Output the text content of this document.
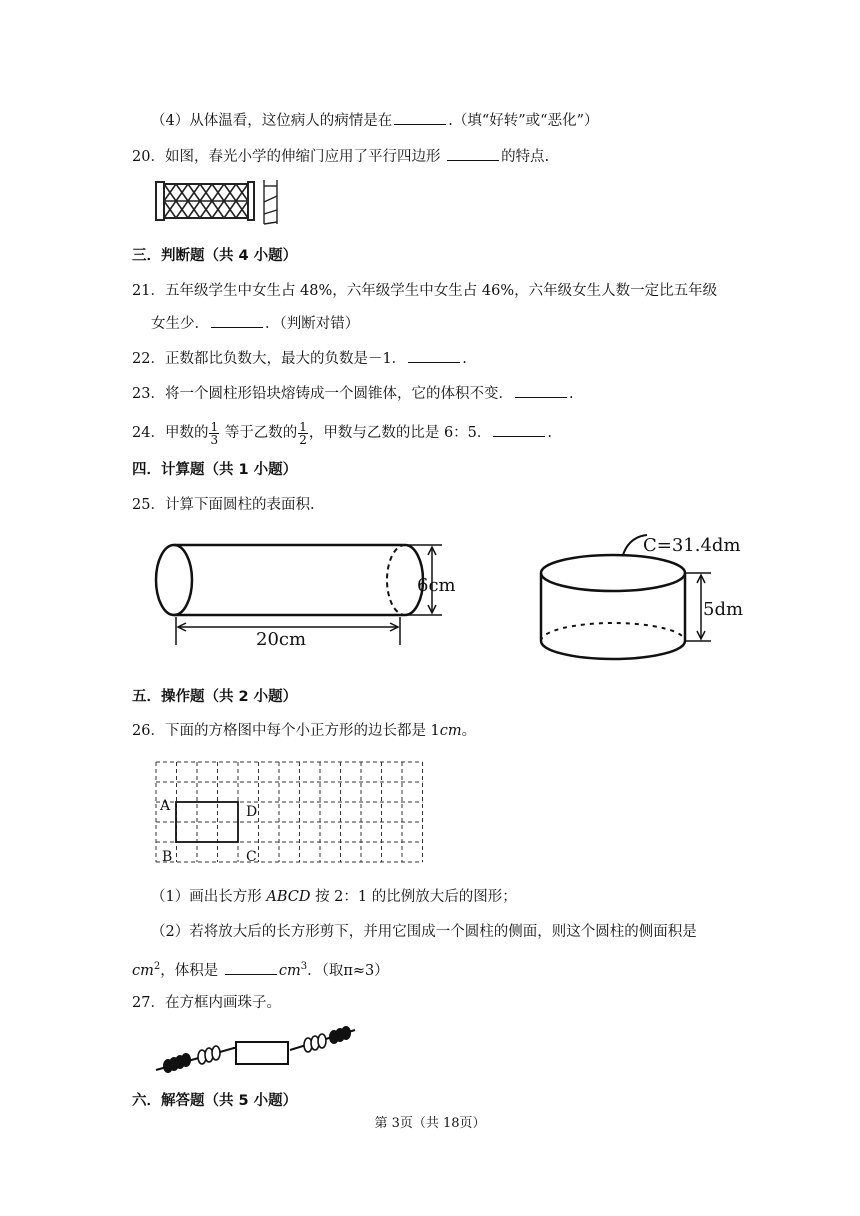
（4）从体温看，这位病人的病情是在	.（填“好转”或“恶化”）
20．如图，春光小学的伸缩门应用了平行四边形	的特点.
三．判断题（共 4 小题）
21．五年级学生中女生占 48%，六年级学生中女生占 46%，六年级女生人数一定比五年级
女生少．	．（判断对错）
22．正数都比负数大，最大的负数是－1．	.
23．将一个圆柱形铅块熔铸成一个圆锥体，它的体积不变．	.
24．甲数的 $\frac{1}{3}$ 等于乙数的 $\frac{1}{2}$ ，甲数与乙数的比是 6：5．	.
四．计算题（共 1 小题）
25．计算下面圆柱的表面积.
6cm
20cm
C=31.4dm
5dm
五．操作题（共 2 小题）
26．下面的方格图中每个小正方形的边长都是 1cm。
A
B	C
D
（1）画出长方形 ABCD 按 2：1 的比例放大后的图形；
（2）若将放大后的长方形剪下，并用它围成一个圆柱的侧面，则这个圆柱的侧面积是
$cm^2$，体积是	$cm^3$．（取π≈3）
27．在方框内画珠子。
六．解答题（共 5 小题）
第 3页（共 18页）
